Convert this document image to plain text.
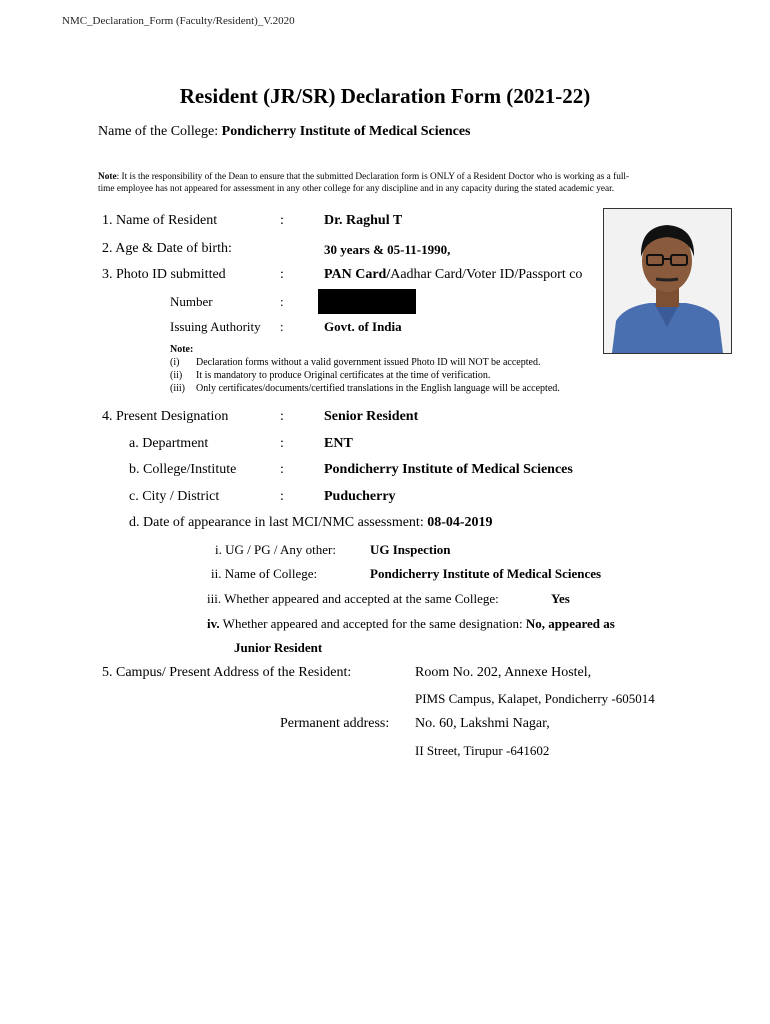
NMC_Declaration_Form (Faculty/Resident)_V.2020
Resident (JR/SR) Declaration Form (2021-22)
Name of the College: Pondicherry Institute of Medical Sciences
Note: It is the responsibility of the Dean to ensure that the submitted Declaration form is ONLY of a Resident Doctor who is working as a full-
time employee has not appeared for assessment in any other college for any discipline and in any capacity during the stated academic year.
1. Name of Resident	:	Dr. Raghul T
2. Age & Date of birth:	30 years & 05-11-1990,
3. Photo ID submitted	:	PAN Card/Aadhar Card/Voter ID/Passport co
Number	:
Issuing Authority :	Govt. of India
Note:
(i) Declaration forms without a valid government issued Photo ID will NOT be accepted.
(ii) It is mandatory to produce Original certificates at the time of verification.
(iii) Only certificates/documents/certified translations in the English language will be accepted.
4. Present Designation	:	Senior Resident
a. Department	:	ENT
b. College/Institute	:	Pondicherry Institute of Medical Sciences
c. City / District	:	Puducherry
d. Date of appearance in last MCI/NMC assessment: 08-04-2019
i. UG / PG / Any other:	UG Inspection
ii. Name of College:	Pondicherry Institute of Medical Sciences
iii. Whether appeared and accepted at the same College:	Yes
iv. Whether appeared and accepted for the same designation: No, appeared as
Junior Resident
5. Campus/ Present Address of the Resident:	Room No. 202, Annexe Hostel,
PIMS Campus, Kalapet, Pondicherry -605014
Permanent address: No. 60, Lakshmi Nagar,
II Street, Tirupur -641602
